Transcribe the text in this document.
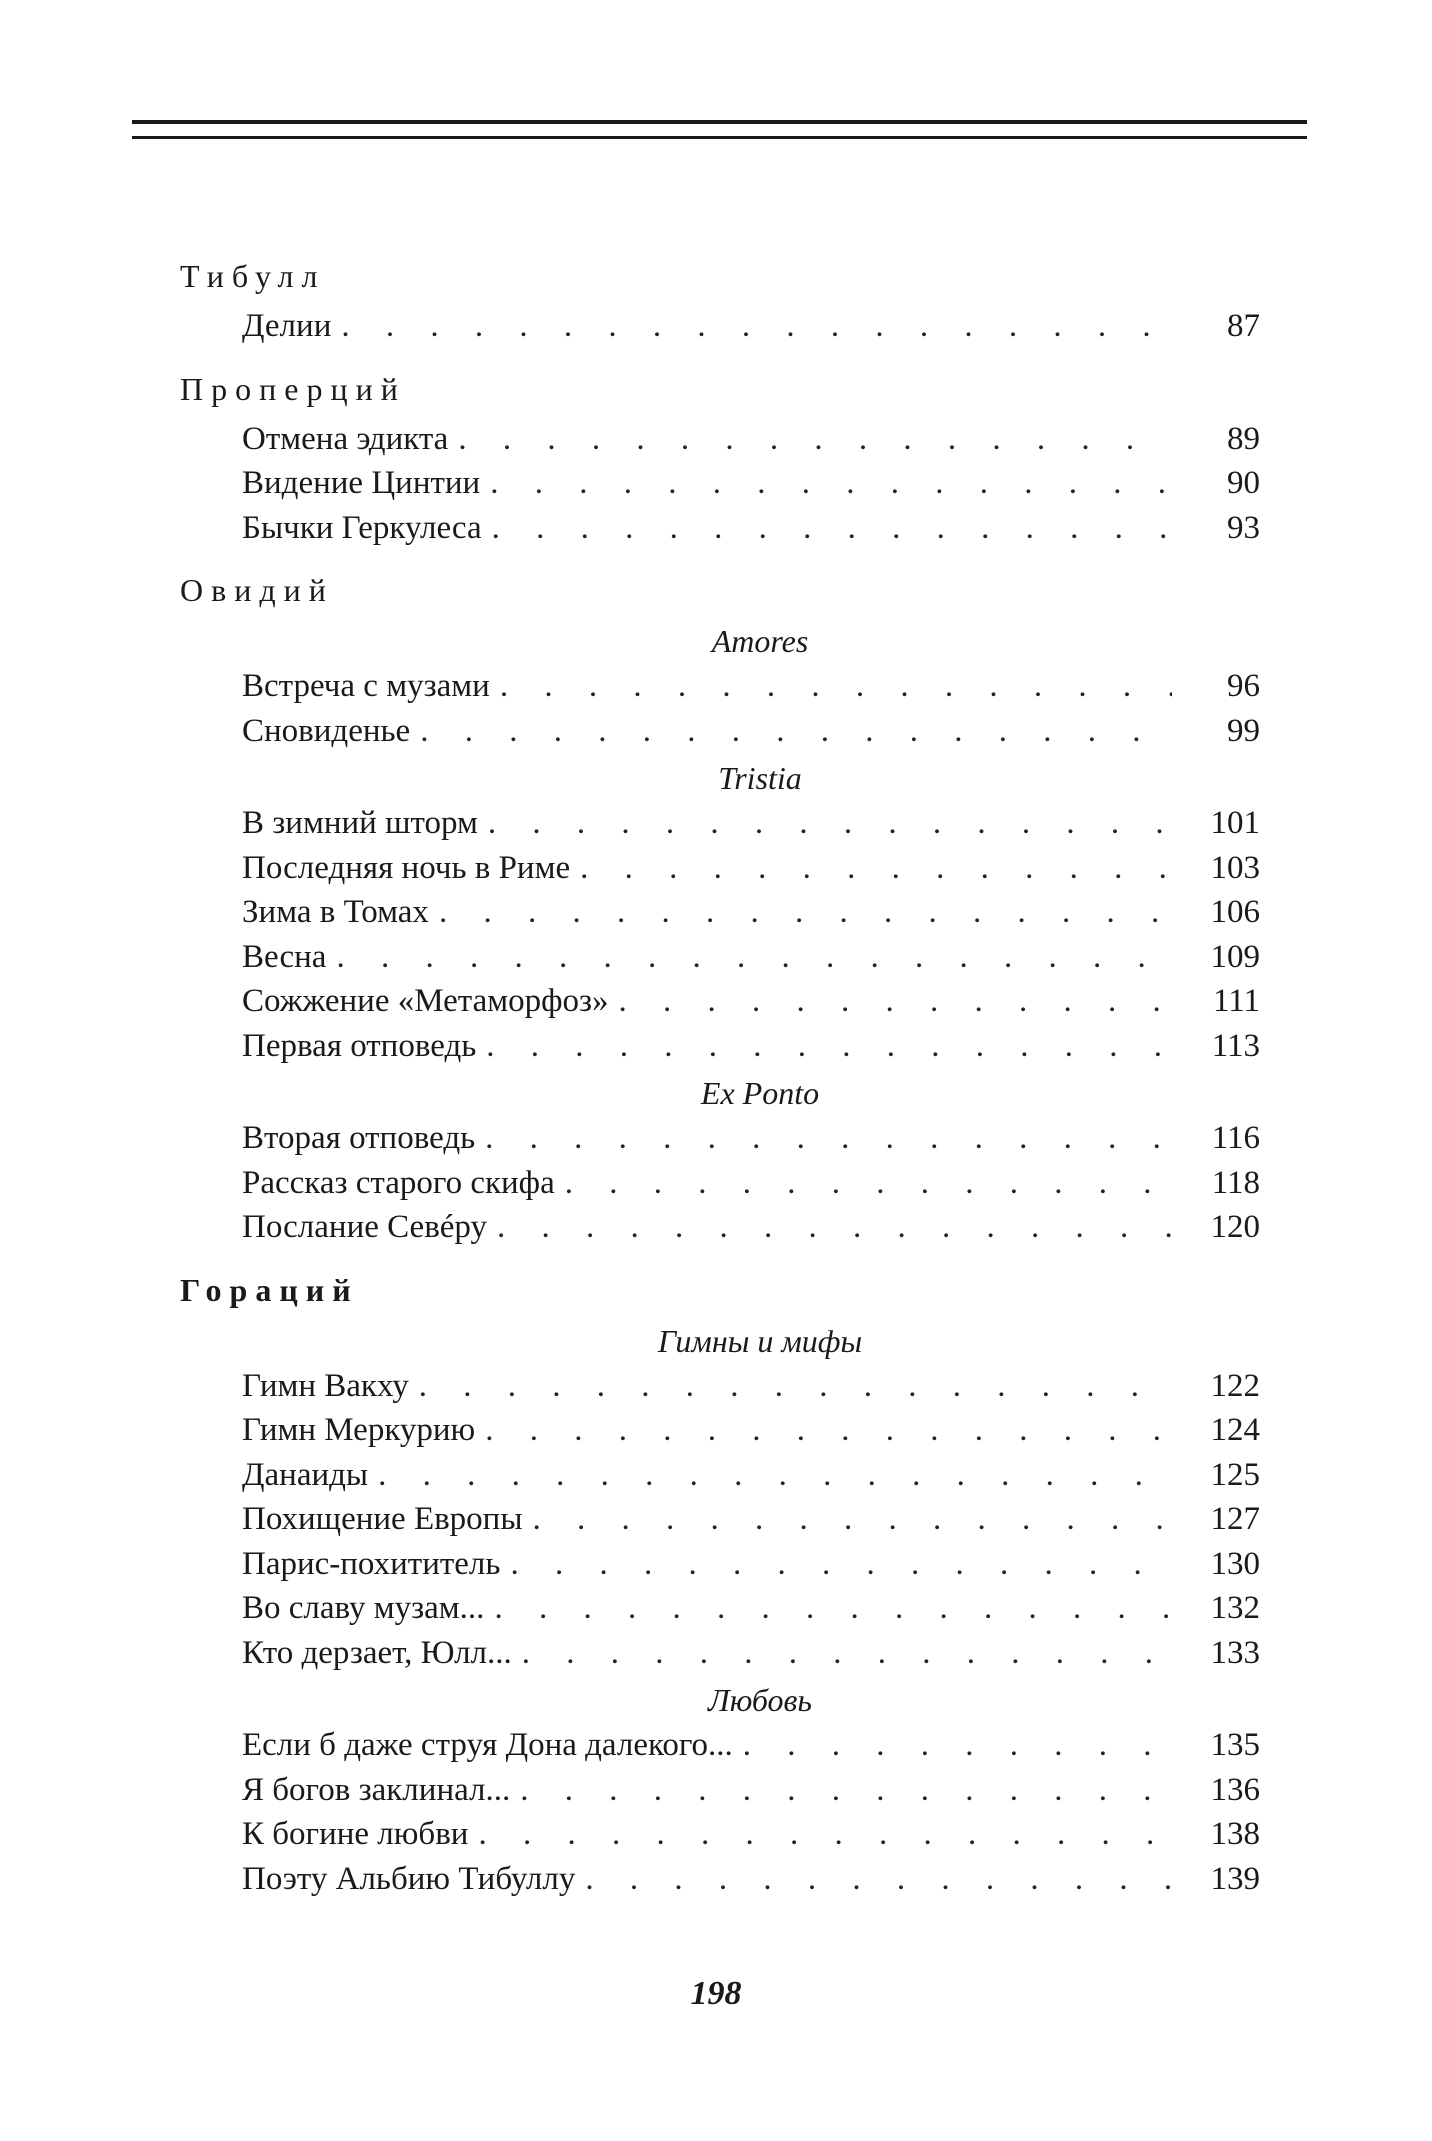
Тибулл
Делии . . .	87
Проперций
Отмена эдикта . . .	89
Видение Цинтии . . .	90
Бычки Геркулеса . . .	93
Овидий
Amores
Встреча с музами . . .	96
Сновиденье . . .	99
Tristia
В зимний шторм . . .	101
Последняя ночь в Риме . . .	103
Зима в Томах . . .	106
Весна . . .	109
Сожжение «Метаморфоз» . . .	111
Первая отповедь . . .	113
Ex Ponto
Вторая отповедь . . .	116
Рассказ старого скифа . . .	118
Послание Севéру . . .	120
Гораций
Гимны и мифы
Гимн Вакху . . .	122
Гимн Меркурию . . .	124
Данаиды . . .	125
Похищение Европы . . .	127
Парис-похититель . . .	130
Во славу музам... . . .	132
Кто дерзает, Юлл... . . .	133
Любовь
Если б даже струя Дона далекого... . . .	135
Я богов заклинал... . . .	136
К богине любви . . .	138
Поэту Альбию Тибуллу . . .	139
198
